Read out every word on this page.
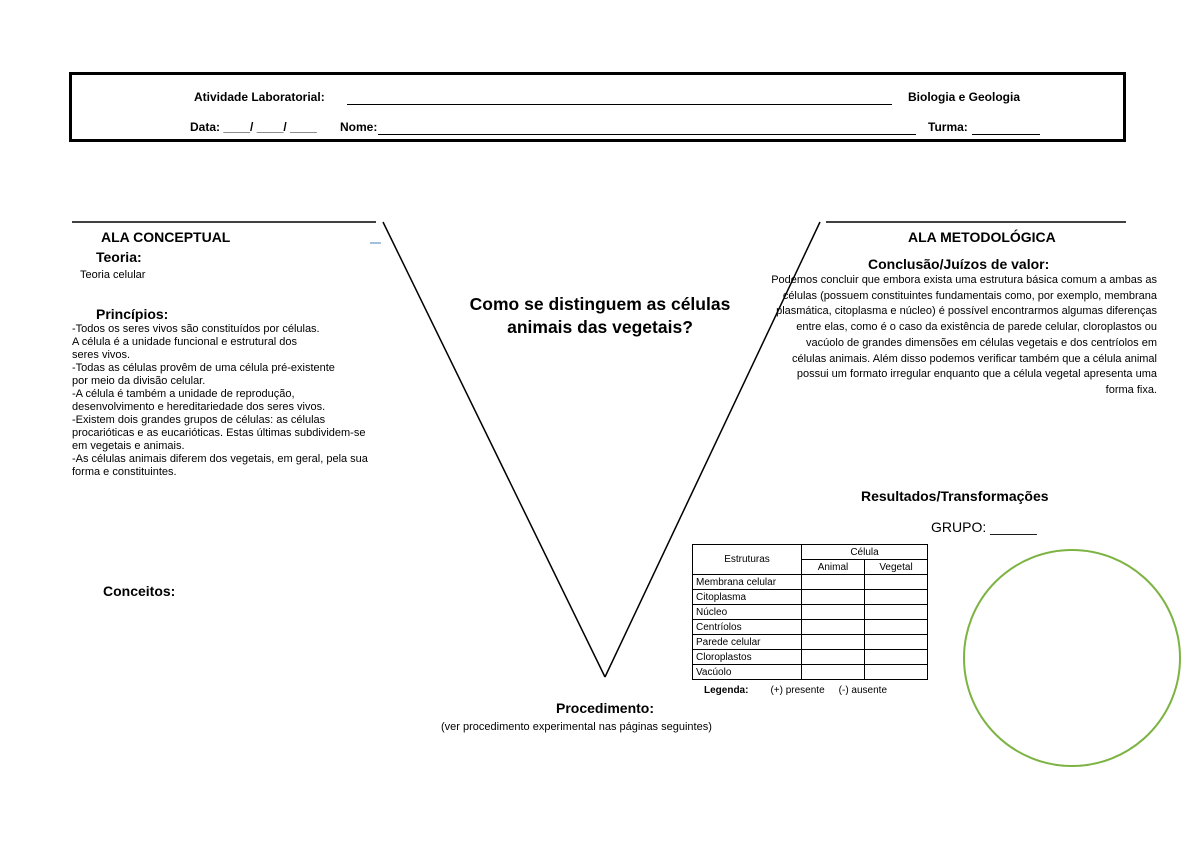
Atividade Laboratorial:	Biologia e Geologia
Data: ____/ ____/ ____ Nome:	Turma:
ALA CONCEPTUAL
Teoria:
Teoria celular
Princípios:
-Todos os seres vivos são constituídos por células.
A célula é a unidade funcional e estrutural dos
seres vivos.
-Todas as células provêm de uma célula pré-existente
por meio da divisão celular.
-A célula é também a unidade de reprodução,
desenvolvimento e hereditariedade dos seres vivos.
-Existem dois grandes grupos de células: as células
procarióticas e as eucarióticas. Estas últimas subdividem-se
em vegetais e animais.
-As células animais diferem dos vegetais, em geral, pela sua
forma e constituintes.
Conceitos:
Como se distinguem as células animais das vegetais?
ALA METODOLÓGICA
Conclusão/Juízos de valor:
Podemos concluir que embora exista uma estrutura básica comum a ambas as células (possuem constituintes fundamentais como, por exemplo, membrana plasmática, citoplasma e núcleo) é possível encontrarmos algumas diferenças entre elas, como é o caso da existência de parede celular, cloroplastos ou vacúolo de grandes dimensões em células vegetais e dos centríolos em células animais. Além disso podemos verificar também que a célula animal possui um formato irregular enquanto que a célula vegetal apresenta uma forma fixa.
Resultados/Transformações
GRUPO: ______
Estruturas	Célula	
	Animal	Vegetal
Membrana celular		
Citoplasma		
Núcleo		
Centríolos		
Parede celular		
Cloroplastos		
Vacúolo		
Legenda: (+) presente (-) ausente
Procedimento:
(ver procedimento experimental nas páginas seguintes)
